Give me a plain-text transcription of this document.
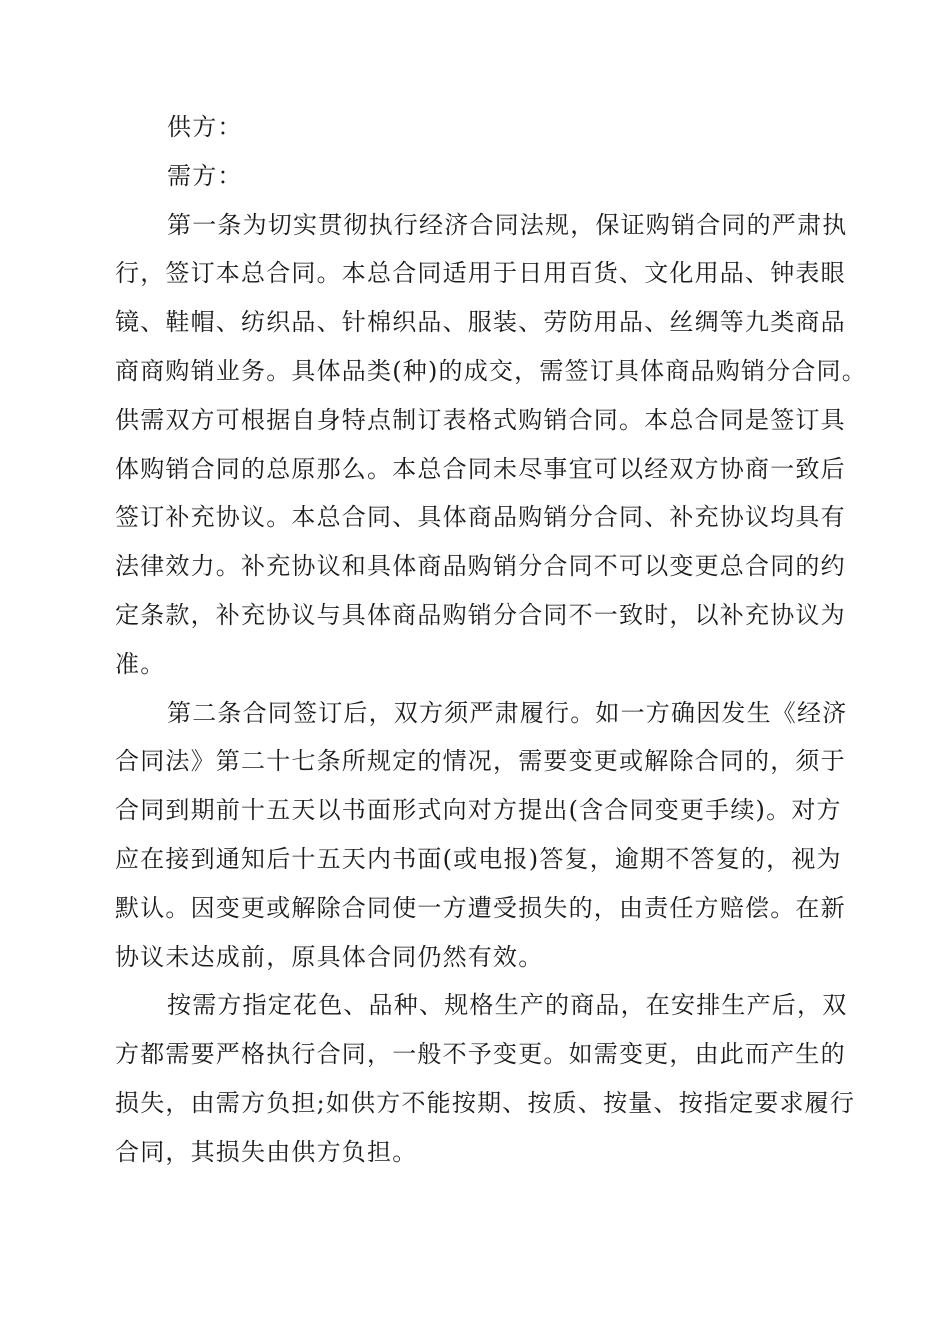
供方：
需方：
第一条为切实贯彻执行经济合同法规，保证购销合同的严肃执
行，签订本总合同。本总合同适用于日用百货、文化用品、钟表眼
镜、鞋帽、纺织品、针棉织品、服装、劳防用品、丝绸等九类商品
商商购销业务。具体品类(种)的成交，需签订具体商品购销分合同。
供需双方可根据自身特点制订表格式购销合同。本总合同是签订具
体购销合同的总原那么。本总合同未尽事宜可以经双方协商一致后
签订补充协议。本总合同、具体商品购销分合同、补充协议均具有
法律效力。补充协议和具体商品购销分合同不可以变更总合同的约
定条款，补充协议与具体商品购销分合同不一致时，以补充协议为
准。
第二条合同签订后，双方须严肃履行。如一方确因发生《经济
合同法》第二十七条所规定的情况，需要变更或解除合同的，须于
合同到期前十五天以书面形式向对方提出(含合同变更手续)。对方
应在接到通知后十五天内书面(或电报)答复，逾期不答复的，视为
默认。因变更或解除合同使一方遭受损失的，由责任方赔偿。在新
协议未达成前，原具体合同仍然有效。
按需方指定花色、品种、规格生产的商品，在安排生产后，双
方都需要严格执行合同，一般不予变更。如需变更，由此而产生的
损失，由需方负担;如供方不能按期、按质、按量、按指定要求履行
合同，其损失由供方负担。
